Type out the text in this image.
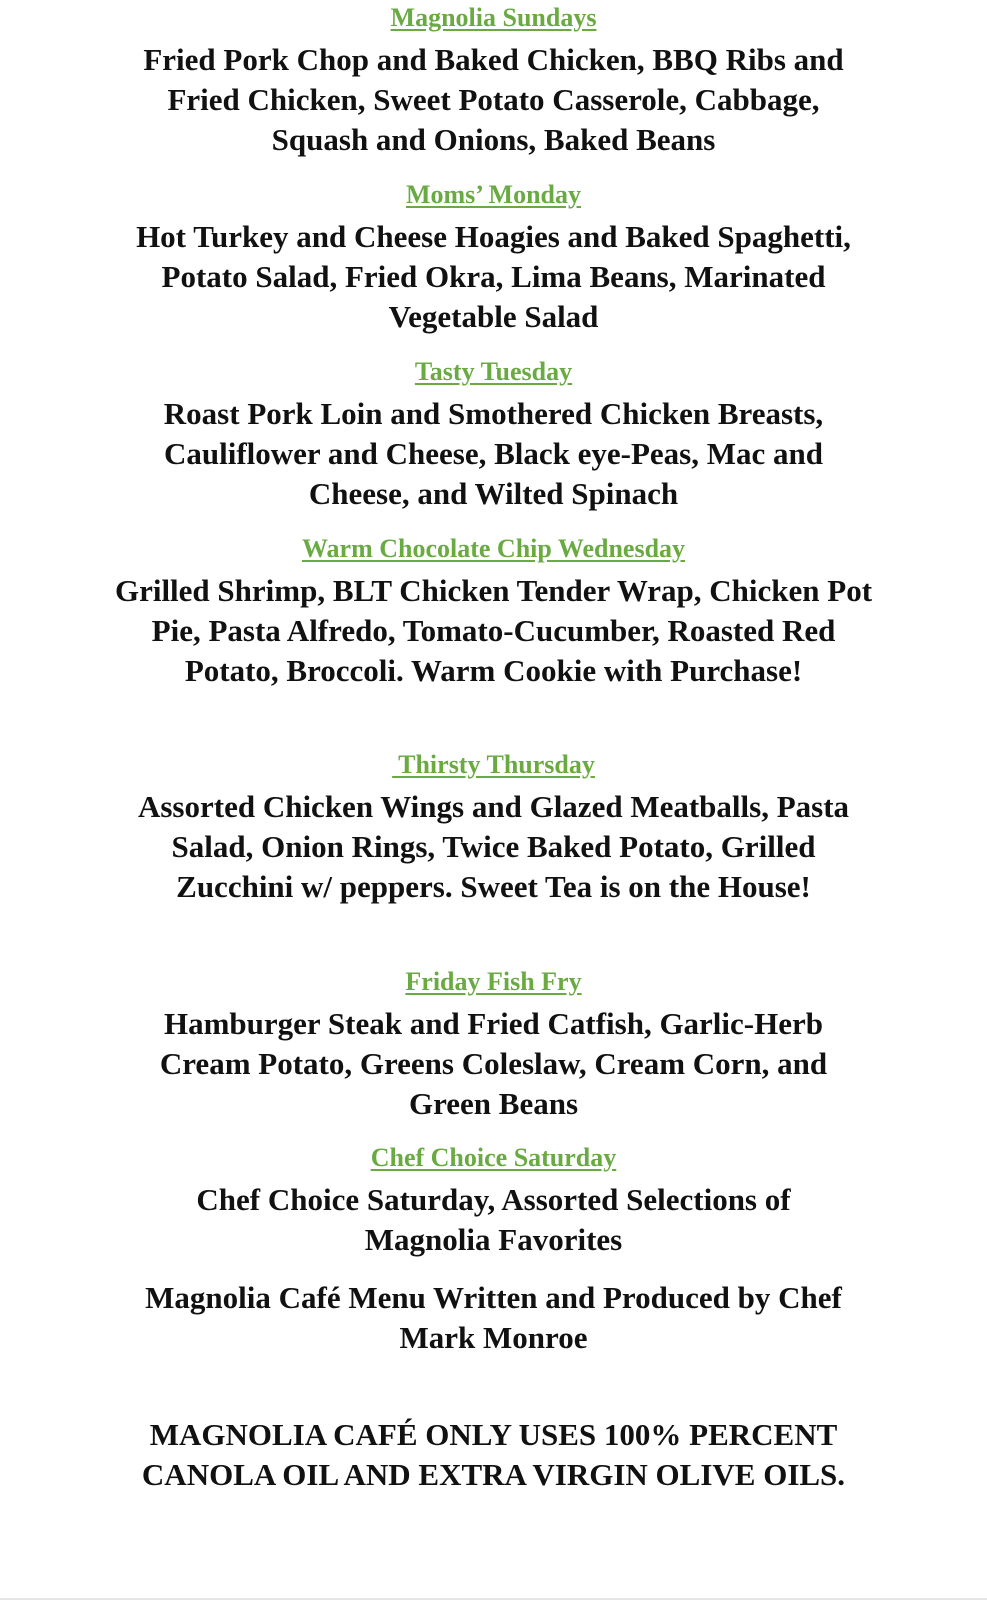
Magnolia Sundays

Fried Pork Chop and Baked Chicken, BBQ Ribs and Fried Chicken, Sweet Potato Casserole, Cabbage, Squash and Onions, Baked Beans

Moms’ Monday

Hot Turkey and Cheese Hoagies and Baked Spaghetti, Potato Salad, Fried Okra, Lima Beans, Marinated Vegetable Salad

Tasty Tuesday

Roast Pork Loin and Smothered Chicken Breasts, Cauliflower and Cheese, Black eye-Peas, Mac and Cheese, and Wilted Spinach

Warm Chocolate Chip Wednesday

Grilled Shrimp, BLT Chicken Tender Wrap, Chicken Pot Pie, Pasta Alfredo, Tomato-Cucumber, Roasted Red Potato, Broccoli. Warm Cookie with Purchase!

Thirsty Thursday

Assorted Chicken Wings and Glazed Meatballs, Pasta Salad, Onion Rings, Twice Baked Potato, Grilled Zucchini w/ peppers. Sweet Tea is on the House!

Friday Fish Fry

Hamburger Steak and Fried Catfish, Garlic-Herb Cream Potato, Greens Coleslaw, Cream Corn, and Green Beans

Chef Choice Saturday

Chef Choice Saturday, Assorted Selections of Magnolia Favorites

Magnolia Café Menu Written and Produced by Chef Mark Monroe

MAGNOLIA CAFÉ ONLY USES 100% PERCENT CANOLA OIL AND EXTRA VIRGIN OLIVE OILS.
